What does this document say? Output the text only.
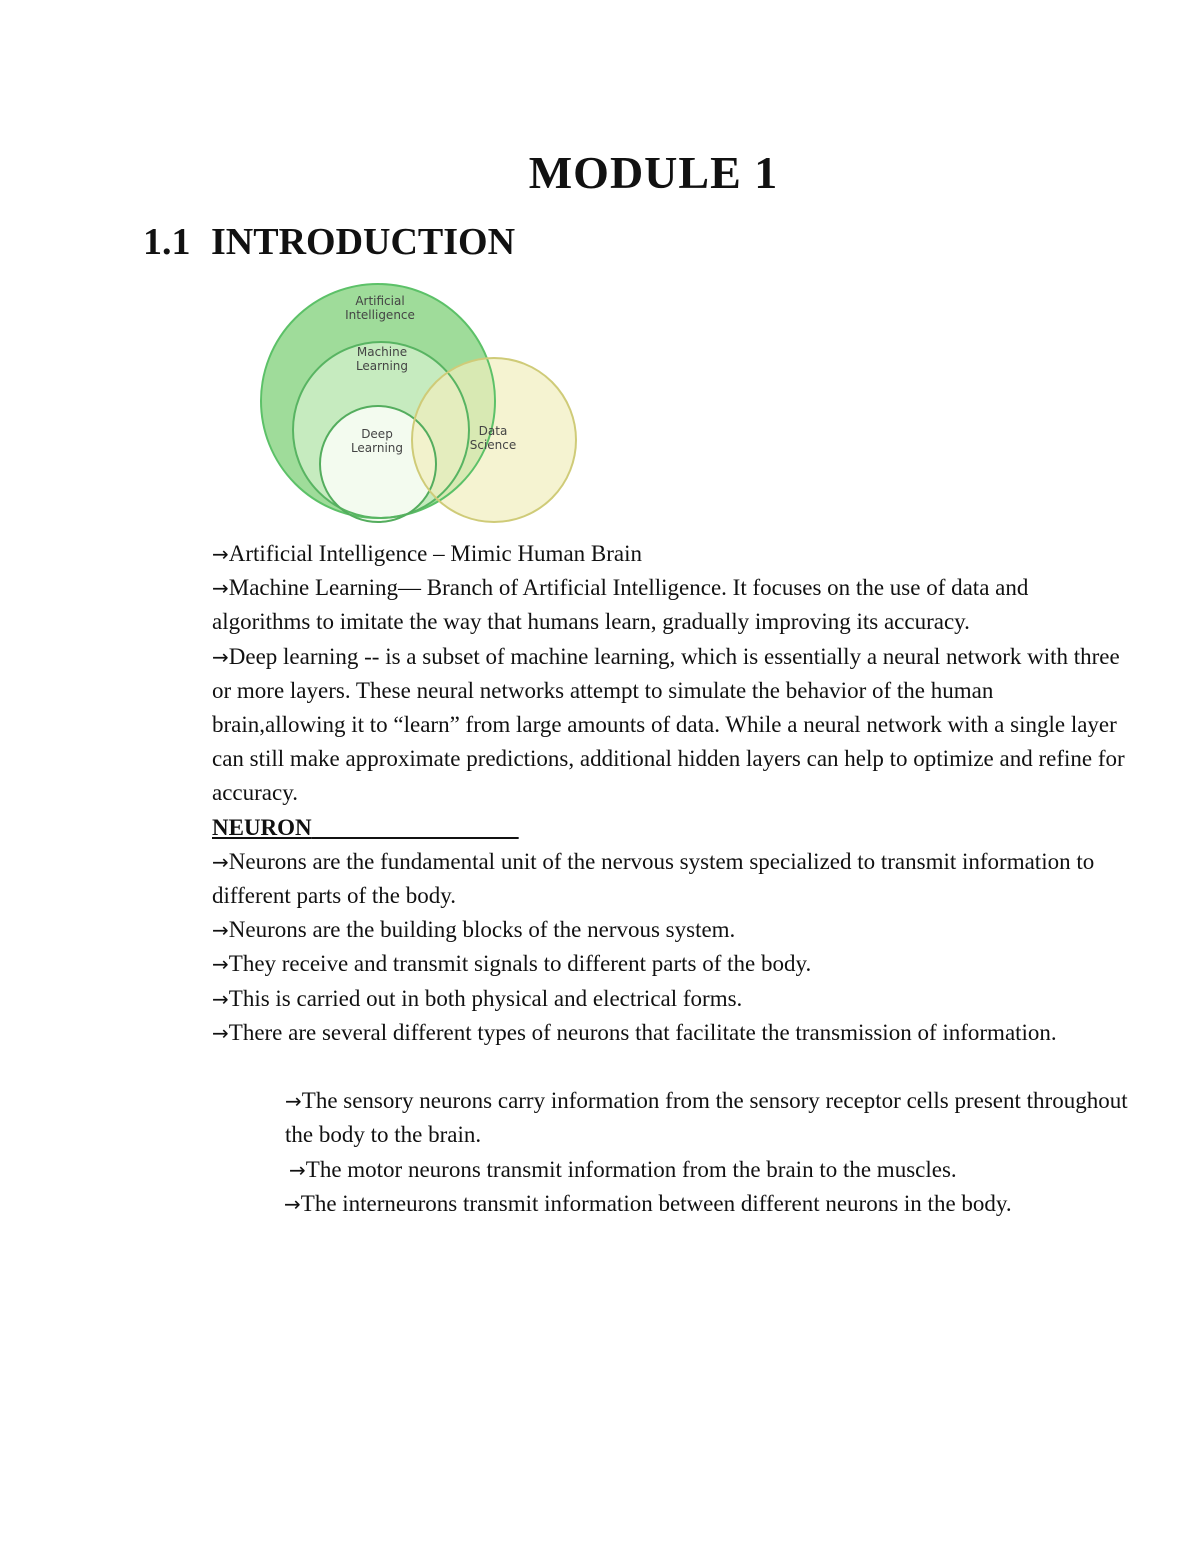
MODULE 1
1.1 INTRODUCTION
Artificial
Intelligence
Machine
Learning
Deep
Learning
Data
Science

→Artificial Intelligence – Mimic Human Brain

→Machine Learning— Branch of Artificial Intelligence. It focuses on the use of data and algorithms to imitate the way that humans learn, gradually improving its accuracy.

→Deep learning -- is a subset of machine learning, which is essentially a neural network with three or more layers. These neural networks attempt to simulate the behavior of the human brain,allowing it to “learn” from large amounts of data. While a neural network with a single layer can still make approximate predictions, additional hidden layers can help to optimize and refine for accuracy.

NEURON

→Neurons are the fundamental unit of the nervous system specialized to transmit information to different parts of the body.

→Neurons are the building blocks of the nervous system.

→They receive and transmit signals to different parts of the body.

→This is carried out in both physical and electrical forms.

→There are several different types of neurons that facilitate the transmission of information.

→The sensory neurons carry information from the sensory receptor cells present throughout the body to the brain.

→The motor neurons transmit information from the brain to the muscles.

→The interneurons transmit information between different neurons in the body.
